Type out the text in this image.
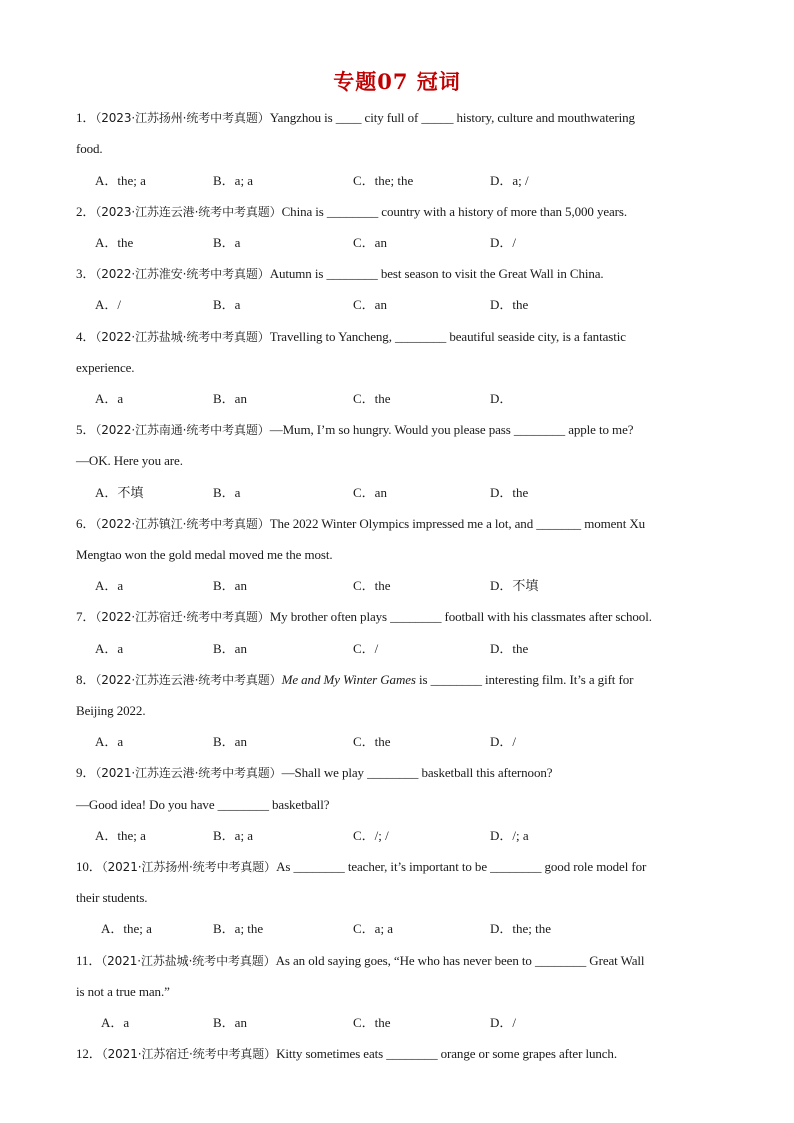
专题07 冠词
1．（2023·江苏扬州·统考中考真题）Yangzhou is ____ city full of _____ history, culture and mouthwatering
food.
A．the; a	B．a; a	C．the; the	D．a; /
2．（2023·江苏连云港·统考中考真题）China is ________ country with a history of more than 5,000 years.
A．the	B．a	C．an	D．/
3．（2022·江苏淮安·统考中考真题）Autumn is ________ best season to visit the Great Wall in China.
A．/	B．a	C．an	D．the
4．（2022·江苏盐城·统考中考真题）Travelling to Yancheng, ________ beautiful seaside city, is a fantastic
experience.
A．a	B．an	C．the	D．
5．（2022·江苏南通·统考中考真题）—Mum, I’m so hungry. Would you please pass ________ apple to me?
—OK. Here you are.
A．不填	B．a	C．an	D．the
6．（2022·江苏镇江·统考中考真题）The 2022 Winter Olympics impressed me a lot, and _______ moment Xu
Mengtao won the gold medal moved me the most.
A．a	B．an	C．the	D．不填
7．（2022·江苏宿迁·统考中考真题）My brother often plays ________ football with his classmates after school.
A．a	B．an	C．/	D．the
8．（2022·江苏连云港·统考中考真题）Me and My Winter Games is ________ interesting film. It’s a gift for
Beijing 2022.
A．a	B．an	C．the	D．/
9．（2021·江苏连云港·统考中考真题）—Shall we play ________ basketball this afternoon?
—Good idea! Do you have ________ basketball?
A．the; a	B．a; a	C．/; /	D．/; a
10．（2021·江苏扬州·统考中考真题）As ________ teacher, it’s important to be ________ good role model for
their students.
A．the; a	B．a; the	C．a; a	D．the; the
11．（2021·江苏盐城·统考中考真题）As an old saying goes, “He who has never been to ________ Great Wall
is not a true man.”
A．a	B．an	C．the	D．/
12．（2021·江苏宿迁·统考中考真题）Kitty sometimes eats ________ orange or some grapes after lunch.
